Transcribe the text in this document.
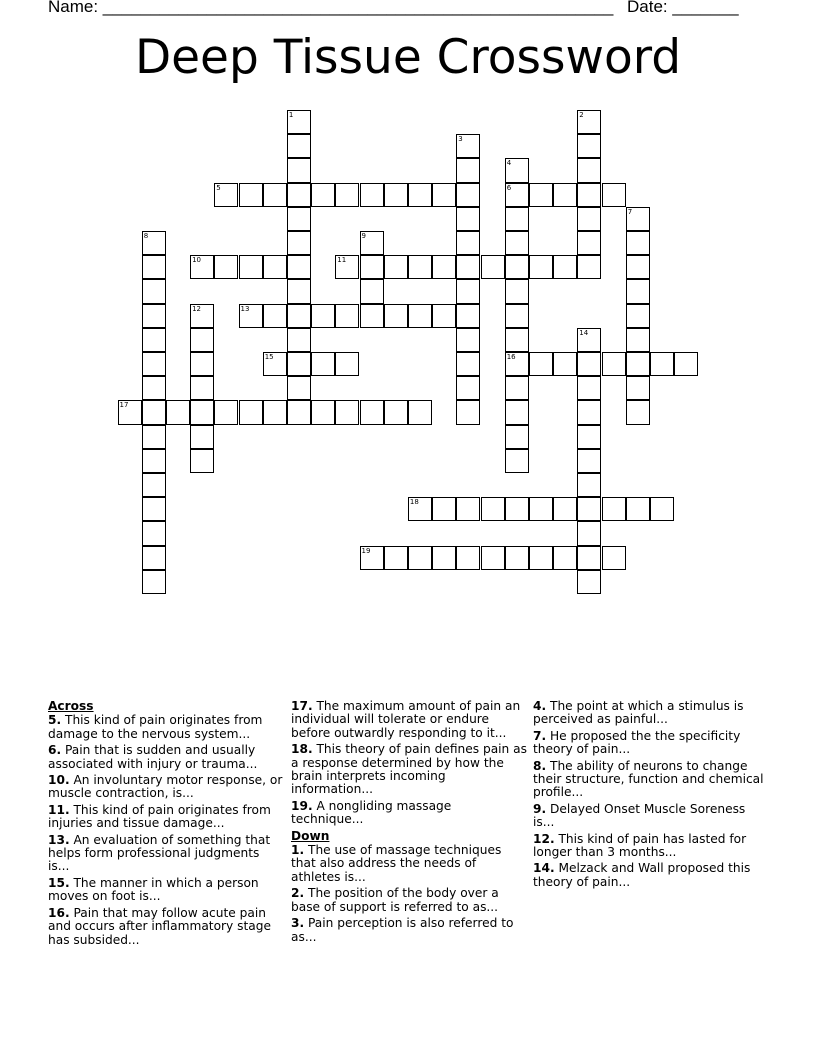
Name: ______________________________________________________ Date: _______
Deep Tissue Crossword
1	2
3
4
6
16
5
7
8	9
10	11
12	13
14
15
17
18
19
Across
5. This kind of pain originates from damage to the nervous system...
6. Pain that is sudden and usually associated with injury or trauma...
10. An involuntary motor response, or muscle contraction, is...
11. This kind of pain originates from injuries and tissue damage...
13. An evaluation of something that helps form professional judgments is...
15. The manner in which a person moves on foot is...
16. Pain that may follow acute pain and occurs after inflammatory stage has subsided...
17. The maximum amount of pain an individual will tolerate or endure before outwardly responding to it...
18. This theory of pain defines pain as a response determined by how the brain interprets incoming information...
19. A nongliding massage technique...
Down
1. The use of massage techniques that also address the needs of athletes is...
2. The position of the body over a base of support is referred to as...
3. Pain perception is also referred to as...
4. The point at which a stimulus is perceived as painful...
7. He proposed the the specificity theory of pain...
8. The ability of neurons to change their structure, function and chemical profile...
9. Delayed Onset Muscle Soreness is...
12. This kind of pain has lasted for longer than 3 months...
14. Melzack and Wall proposed this theory of pain...
